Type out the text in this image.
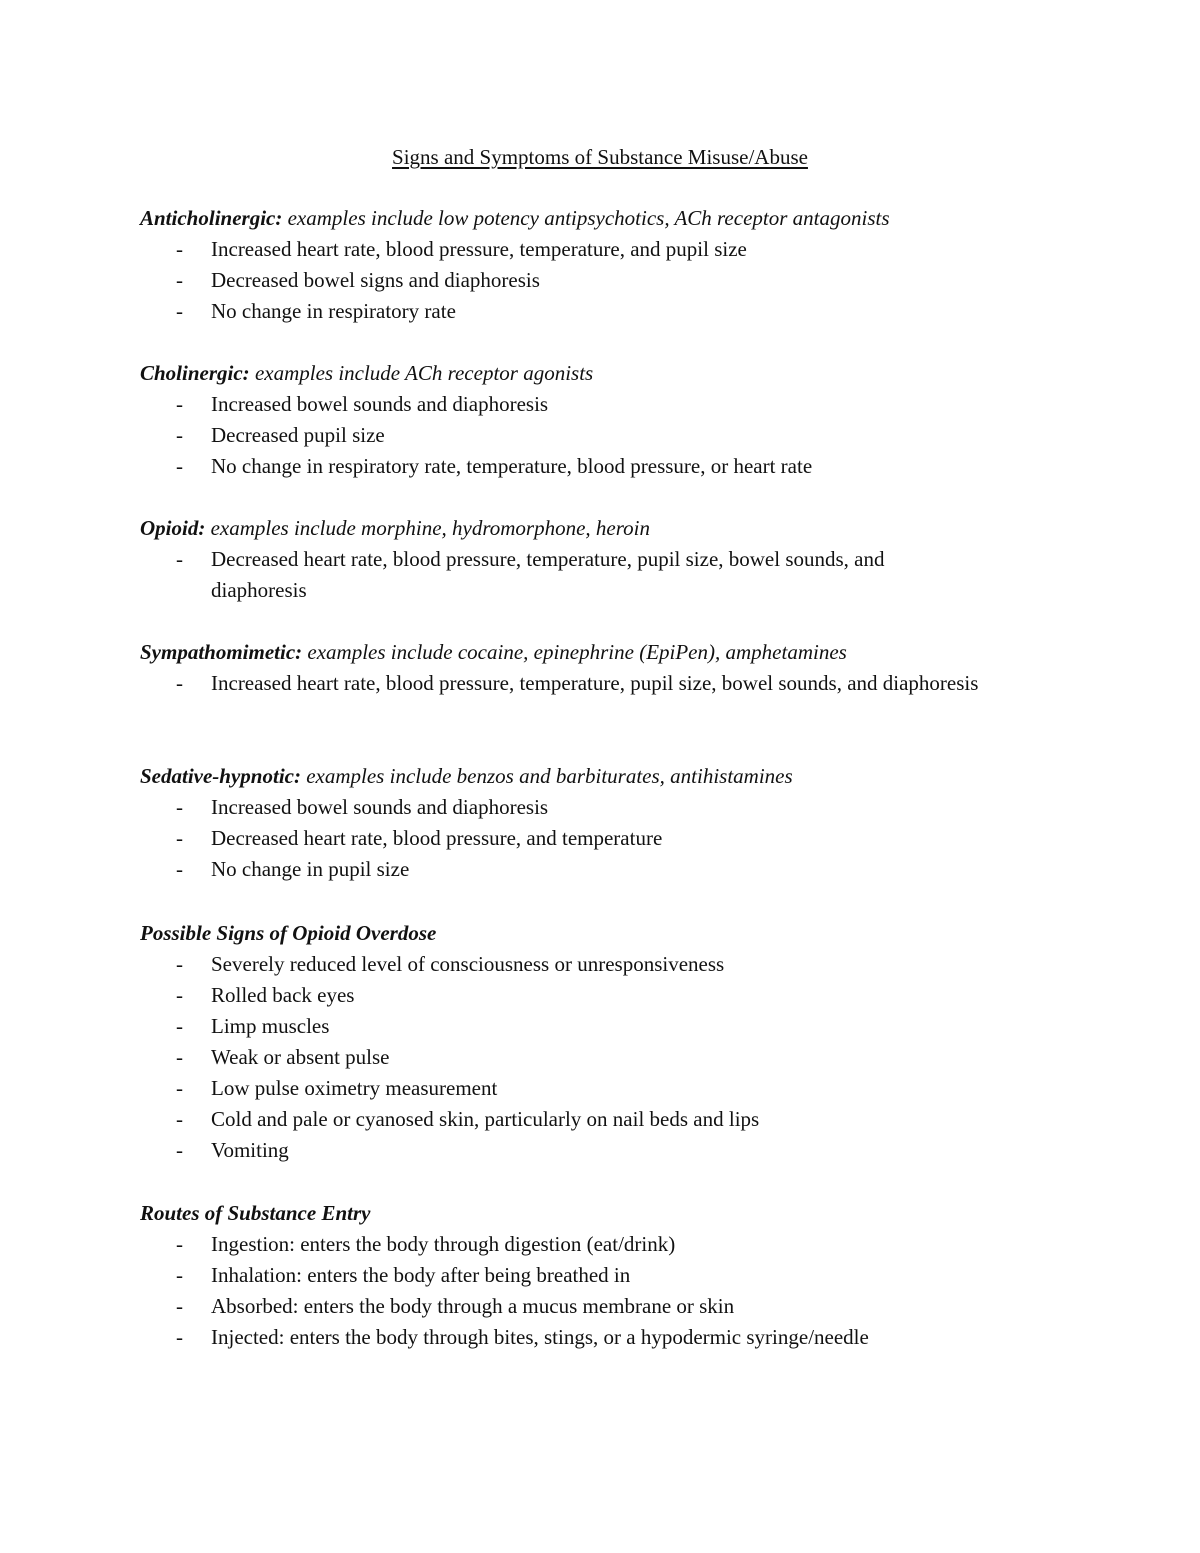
Signs and Symptoms of Substance Misuse/Abuse
Anticholinergic: examples include low potency antipsychotics, ACh receptor antagonists
- Increased heart rate, blood pressure, temperature, and pupil size
- Decreased bowel signs and diaphoresis
- No change in respiratory rate
Cholinergic: examples include ACh receptor agonists
- Increased bowel sounds and diaphoresis
- Decreased pupil size
- No change in respiratory rate, temperature, blood pressure, or heart rate
Opioid: examples include morphine, hydromorphone, heroin
- Decreased heart rate, blood pressure, temperature, pupil size, bowel sounds, and diaphoresis
Sympathomimetic: examples include cocaine, epinephrine (EpiPen), amphetamines
- Increased heart rate, blood pressure, temperature, pupil size, bowel sounds, and diaphoresis
Sedative-hypnotic: examples include benzos and barbiturates, antihistamines
- Increased bowel sounds and diaphoresis
- Decreased heart rate, blood pressure, and temperature
- No change in pupil size
Possible Signs of Opioid Overdose
- Severely reduced level of consciousness or unresponsiveness
- Rolled back eyes
- Limp muscles
- Weak or absent pulse
- Low pulse oximetry measurement
- Cold and pale or cyanosed skin, particularly on nail beds and lips
- Vomiting
Routes of Substance Entry
- Ingestion: enters the body through digestion (eat/drink)
- Inhalation: enters the body after being breathed in
- Absorbed: enters the body through a mucus membrane or skin
- Injected: enters the body through bites, stings, or a hypodermic syringe/needle
